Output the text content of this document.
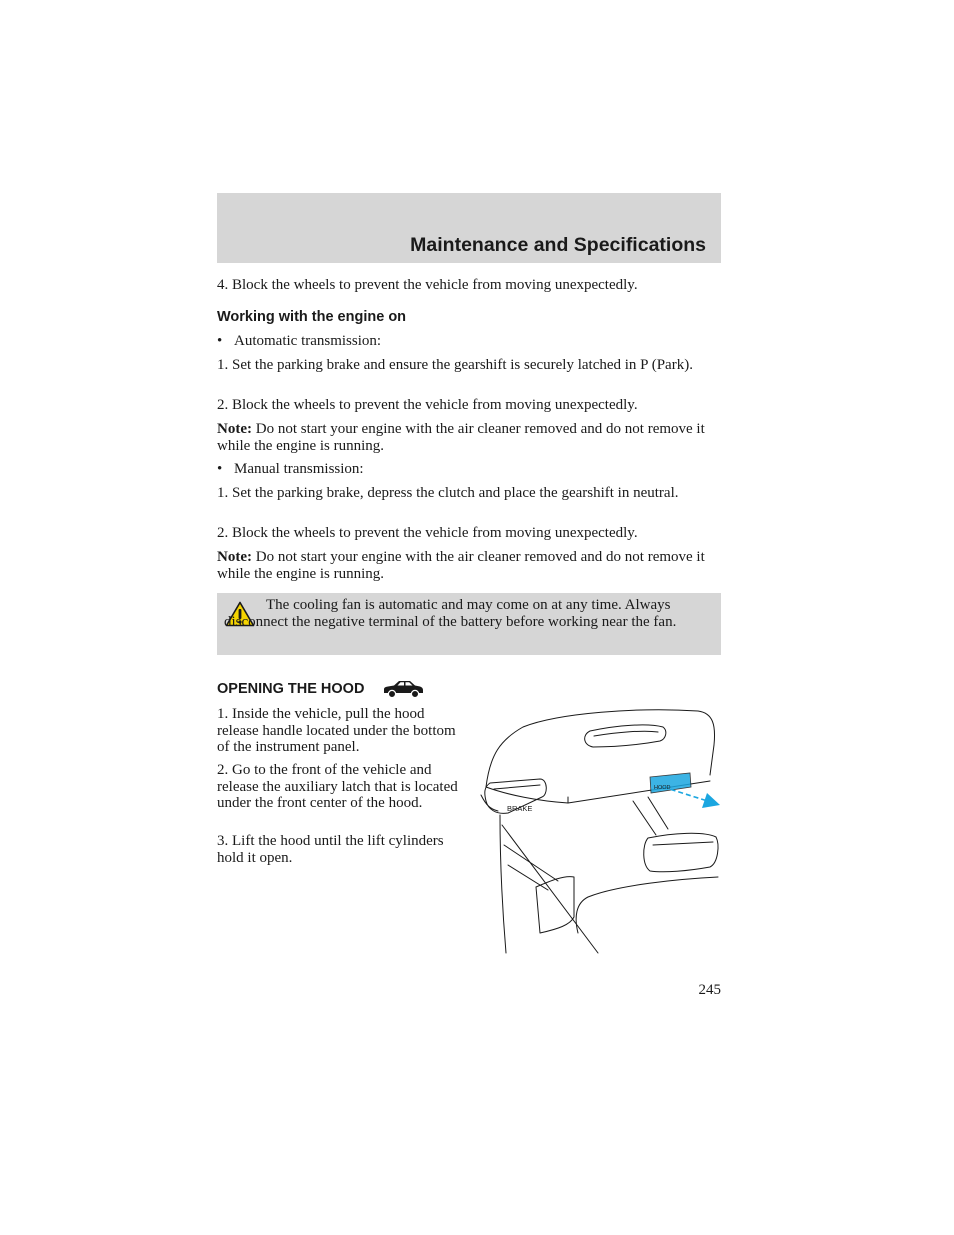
Maintenance and Specifications

4. Block the wheels to prevent the vehicle from moving unexpectedly.

Working with the engine on

• Automatic transmission:

1. Set the parking brake and ensure the gearshift is securely latched in P (Park).

2. Block the wheels to prevent the vehicle from moving unexpectedly.

Note: Do not start your engine with the air cleaner removed and do not remove it while the engine is running.

• Manual transmission:

1. Set the parking brake, depress the clutch and place the gearshift in neutral.

2. Block the wheels to prevent the vehicle from moving unexpectedly.

Note: Do not start your engine with the air cleaner removed and do not remove it while the engine is running.

The cooling fan is automatic and may come on at any time. Always disconnect the negative terminal of the battery before working near the fan.

OPENING THE HOOD

1. Inside the vehicle, pull the hood release handle located under the bottom of the instrument panel.

2. Go to the front of the vehicle and release the auxiliary latch that is located under the front center of the hood.

3. Lift the hood until the lift cylinders hold it open.

BRAKE
HOOD
245
